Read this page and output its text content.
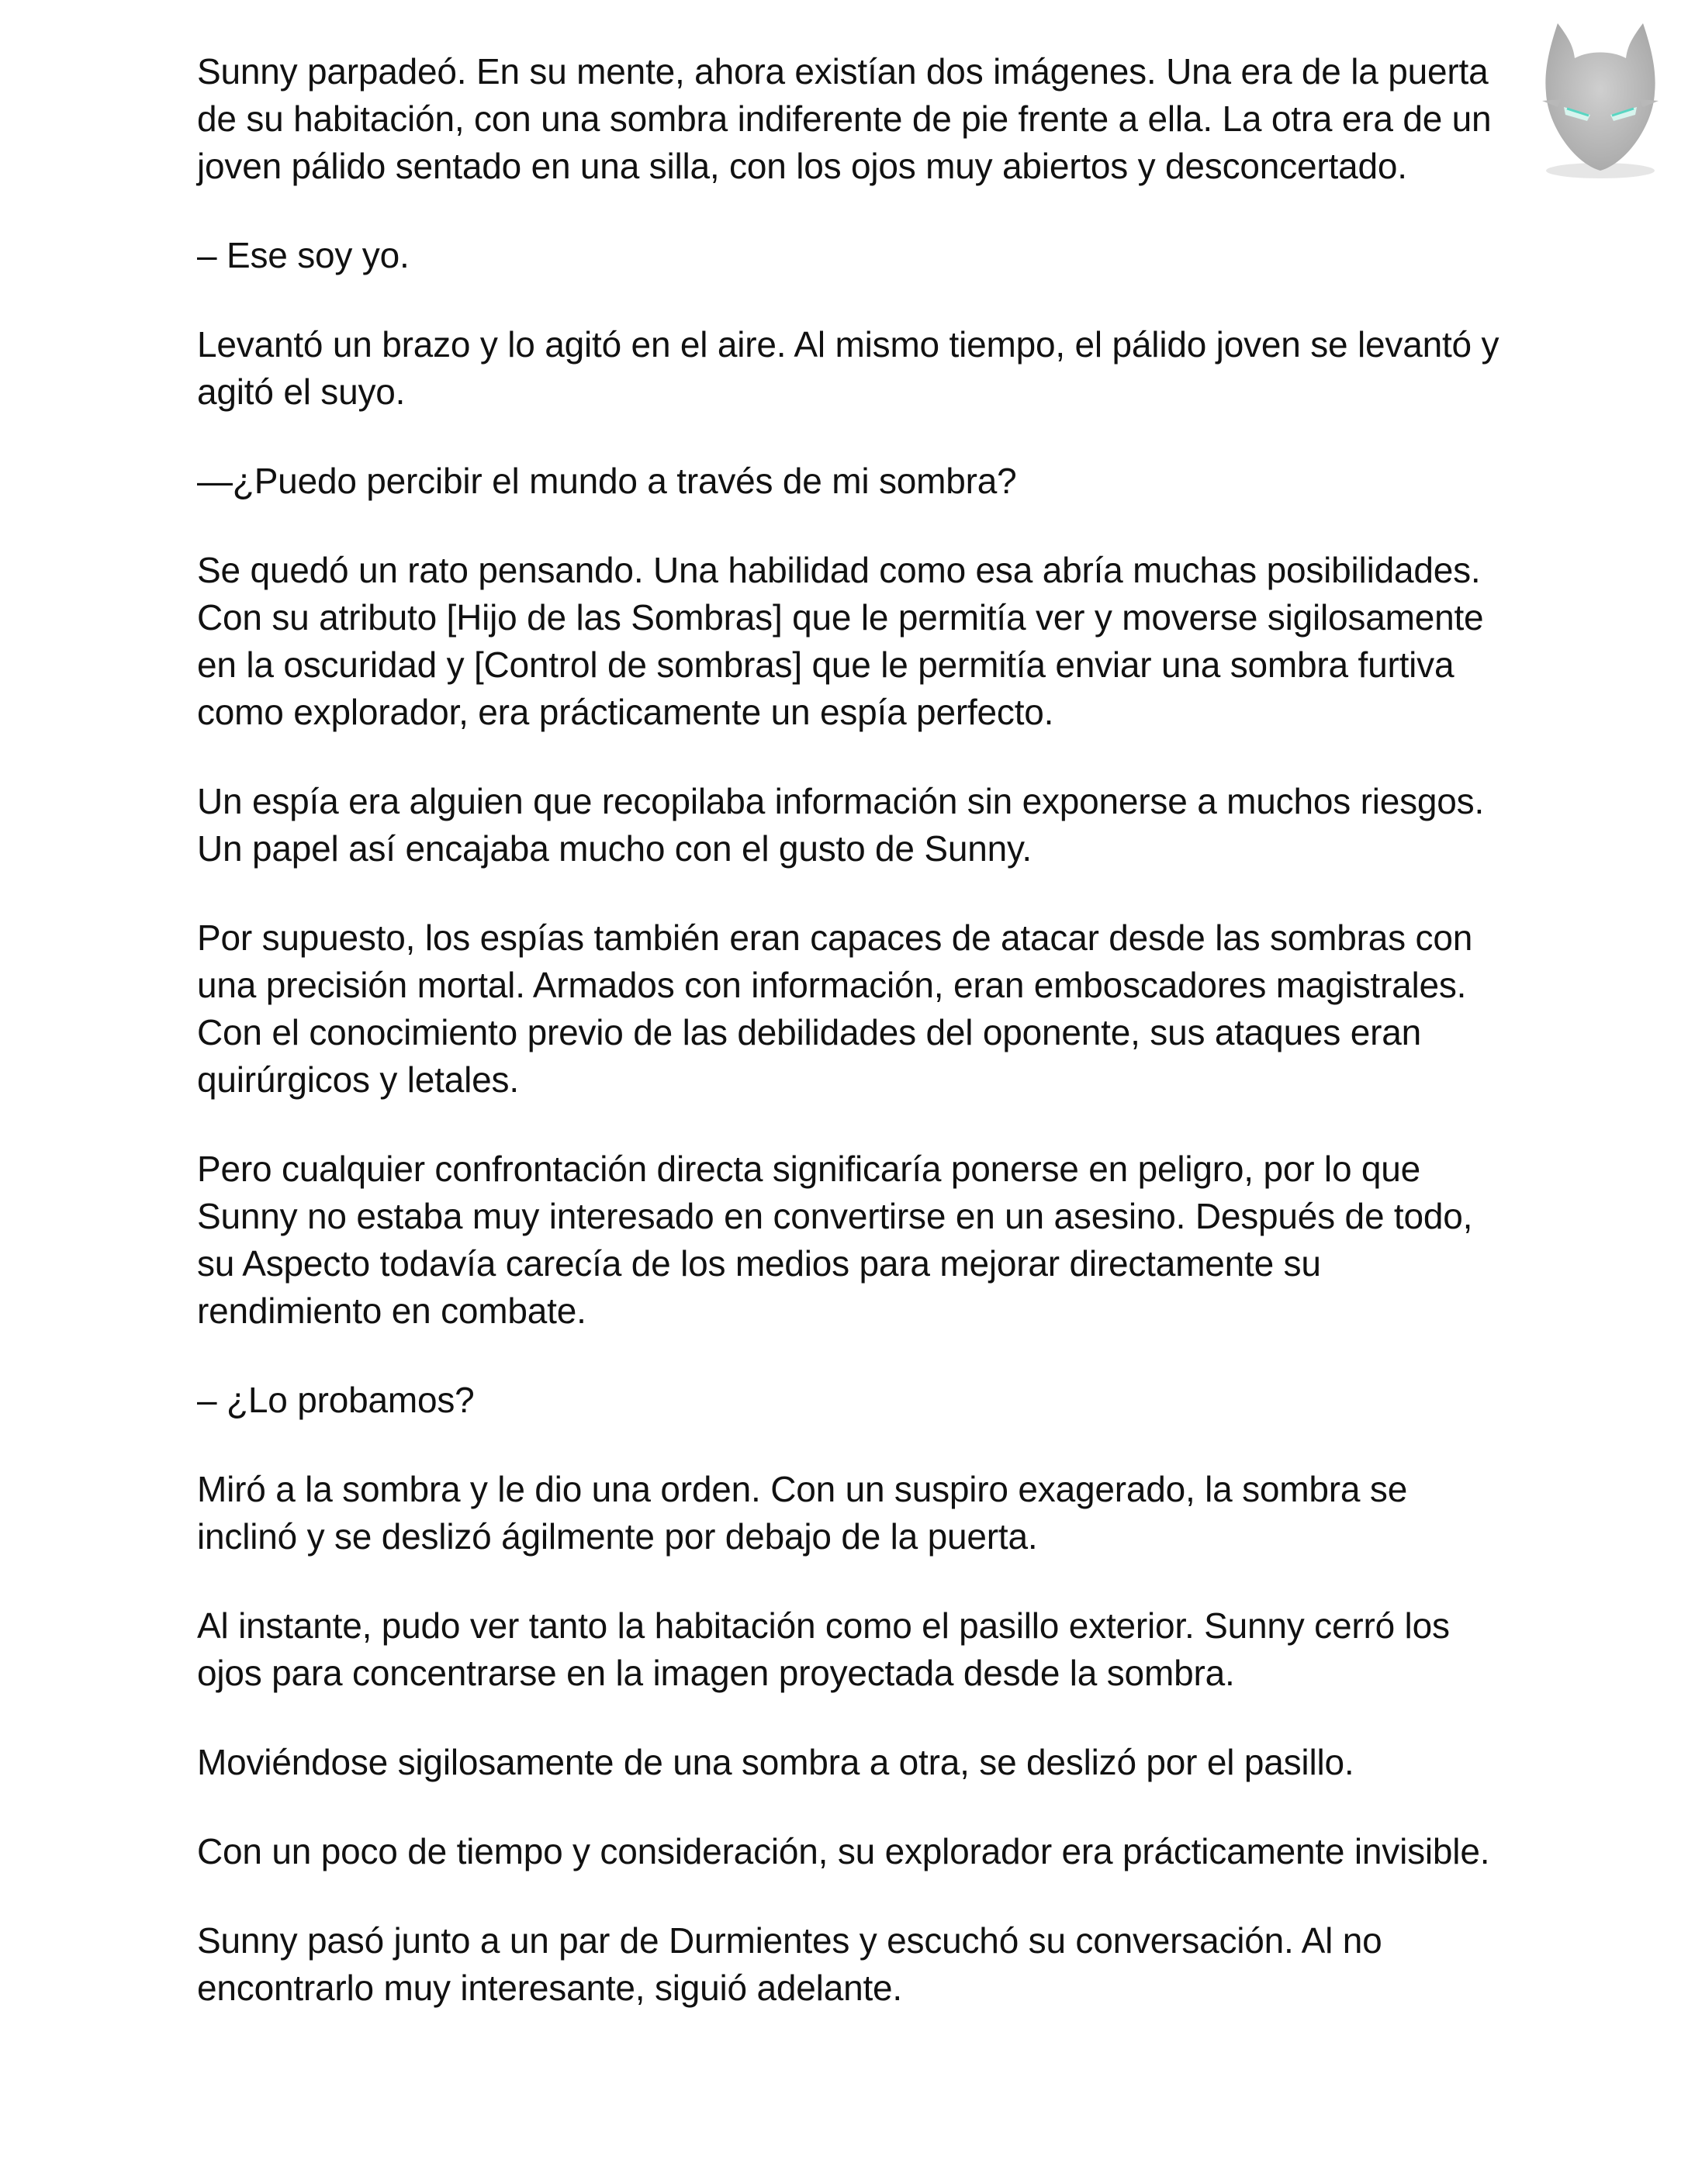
Sunny parpadeó. En su mente, ahora existían dos imágenes. Una era de la puerta de su habitación, con una sombra indiferente de pie frente a ella. La otra era de un joven pálido sentado en una silla, con los ojos muy abiertos y desconcertado.

– Ese soy yo.

Levantó un brazo y lo agitó en el aire. Al mismo tiempo, el pálido joven se levantó y agitó el suyo.

—¿Puedo percibir el mundo a través de mi sombra?

Se quedó un rato pensando. Una habilidad como esa abría muchas posibilidades. Con su atributo [Hijo de las Sombras] que le permitía ver y moverse sigilosamente en la oscuridad y [Control de sombras] que le permitía enviar una sombra furtiva como explorador, era prácticamente un espía perfecto.

Un espía era alguien que recopilaba información sin exponerse a muchos riesgos. Un papel así encajaba mucho con el gusto de Sunny.

Por supuesto, los espías también eran capaces de atacar desde las sombras con una precisión mortal. Armados con información, eran emboscadores magistrales. Con el conocimiento previo de las debilidades del oponente, sus ataques eran quirúrgicos y letales.

Pero cualquier confrontación directa significaría ponerse en peligro, por lo que Sunny no estaba muy interesado en convertirse en un asesino. Después de todo, su Aspecto todavía carecía de los medios para mejorar directamente su rendimiento en combate.

– ¿Lo probamos?

Miró a la sombra y le dio una orden. Con un suspiro exagerado, la sombra se inclinó y se deslizó ágilmente por debajo de la puerta.

Al instante, pudo ver tanto la habitación como el pasillo exterior. Sunny cerró los ojos para concentrarse en la imagen proyectada desde la sombra.

Moviéndose sigilosamente de una sombra a otra, se deslizó por el pasillo.

Con un poco de tiempo y consideración, su explorador era prácticamente invisible.

Sunny pasó junto a un par de Durmientes y escuchó su conversación. Al no encontrarlo muy interesante, siguió adelante.
